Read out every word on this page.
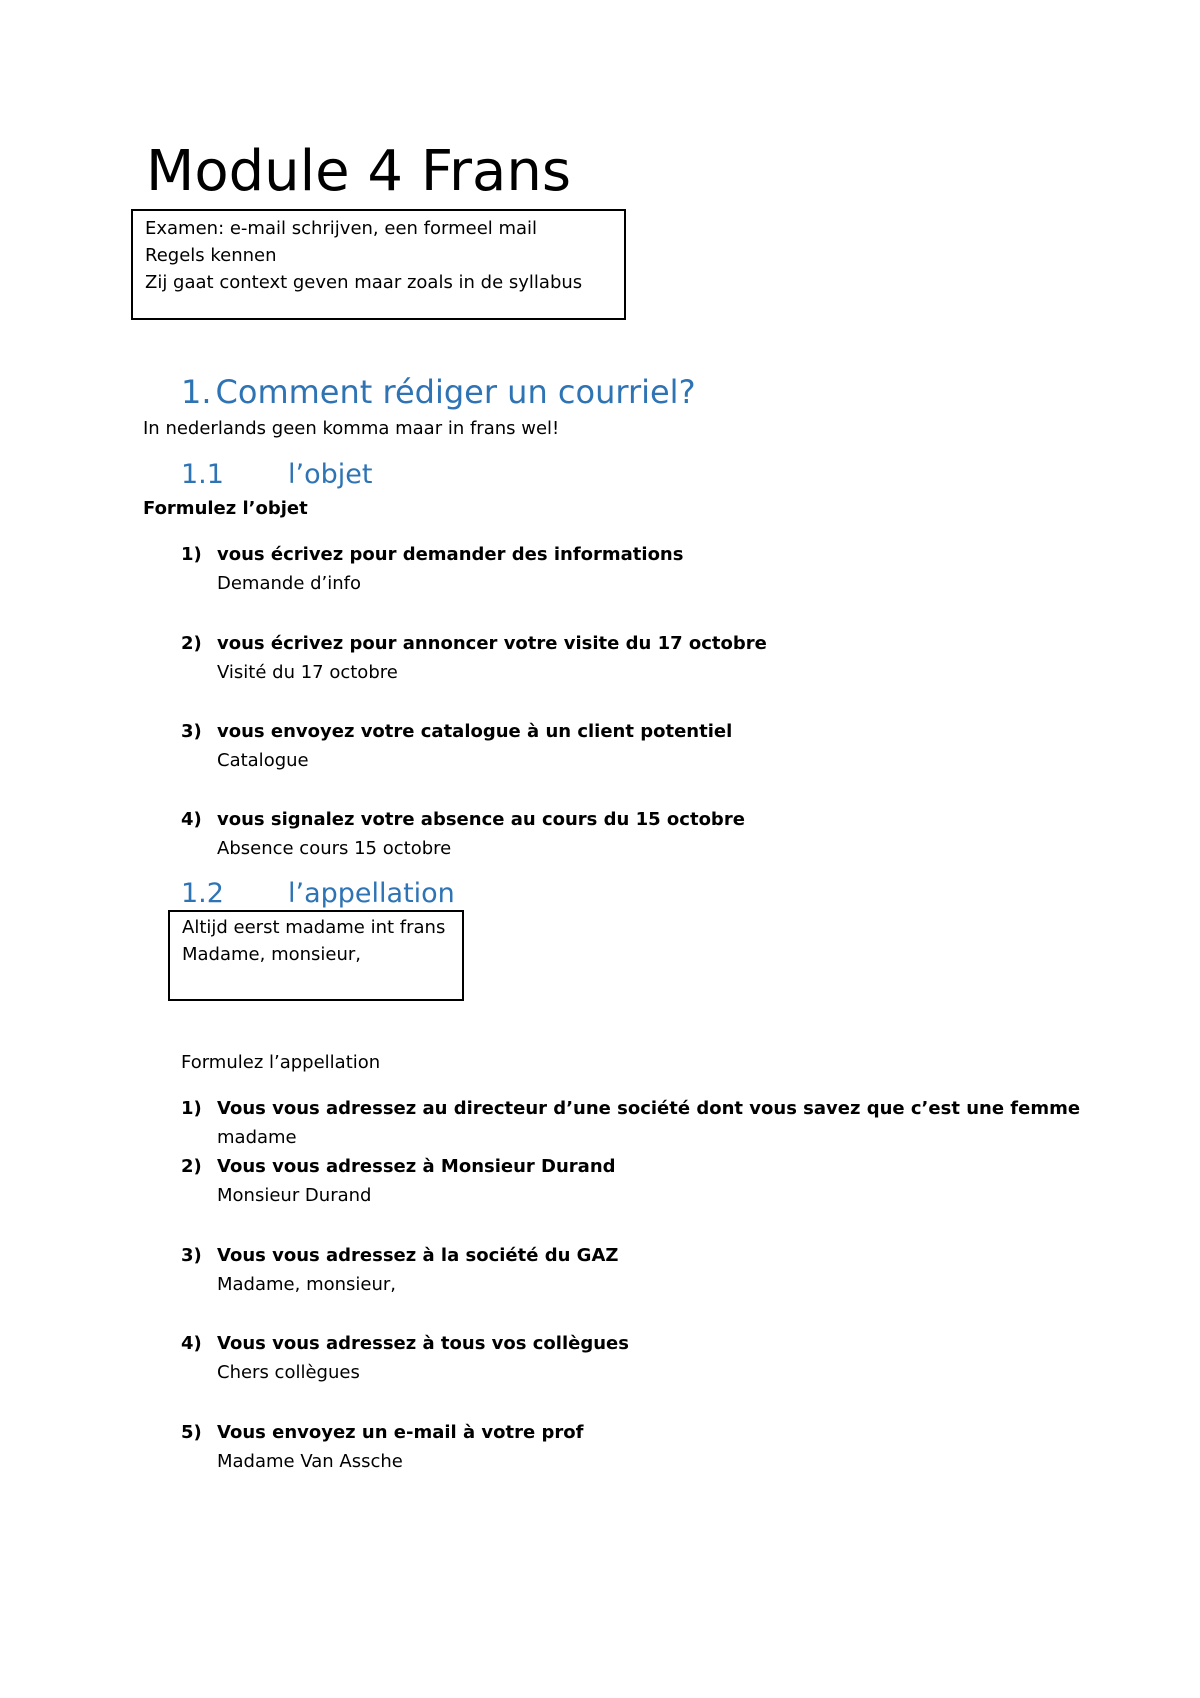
Module 4 Frans
Examen: e-mail schrijven, een formeel mail
Regels kennen
Zij gaat context geven maar zoals in de syllabus
1. Comment rédiger un courriel?
In nederlands geen komma maar in frans wel!
1.1 l’objet
Formulez l’objet
1) vous écrivez pour demander des informations
Demande d’info
2) vous écrivez pour annoncer votre visite du 17 octobre
Visité du 17 octobre
3) vous envoyez votre catalogue à un client potentiel
Catalogue
4) vous signalez votre absence au cours du 15 octobre
Absence cours 15 octobre
1.2 l’appellation
Altijd eerst madame int frans
Madame, monsieur,
Formulez l’appellation
1) Vous vous adressez au directeur d’une société dont vous savez que c’est une femme
madame
2) Vous vous adressez à Monsieur Durand
Monsieur Durand
3) Vous vous adressez à la société du GAZ
Madame, monsieur,
4) Vous vous adressez à tous vos collègues
Chers collègues
5) Vous envoyez un e-mail à votre prof
Madame Van Assche
